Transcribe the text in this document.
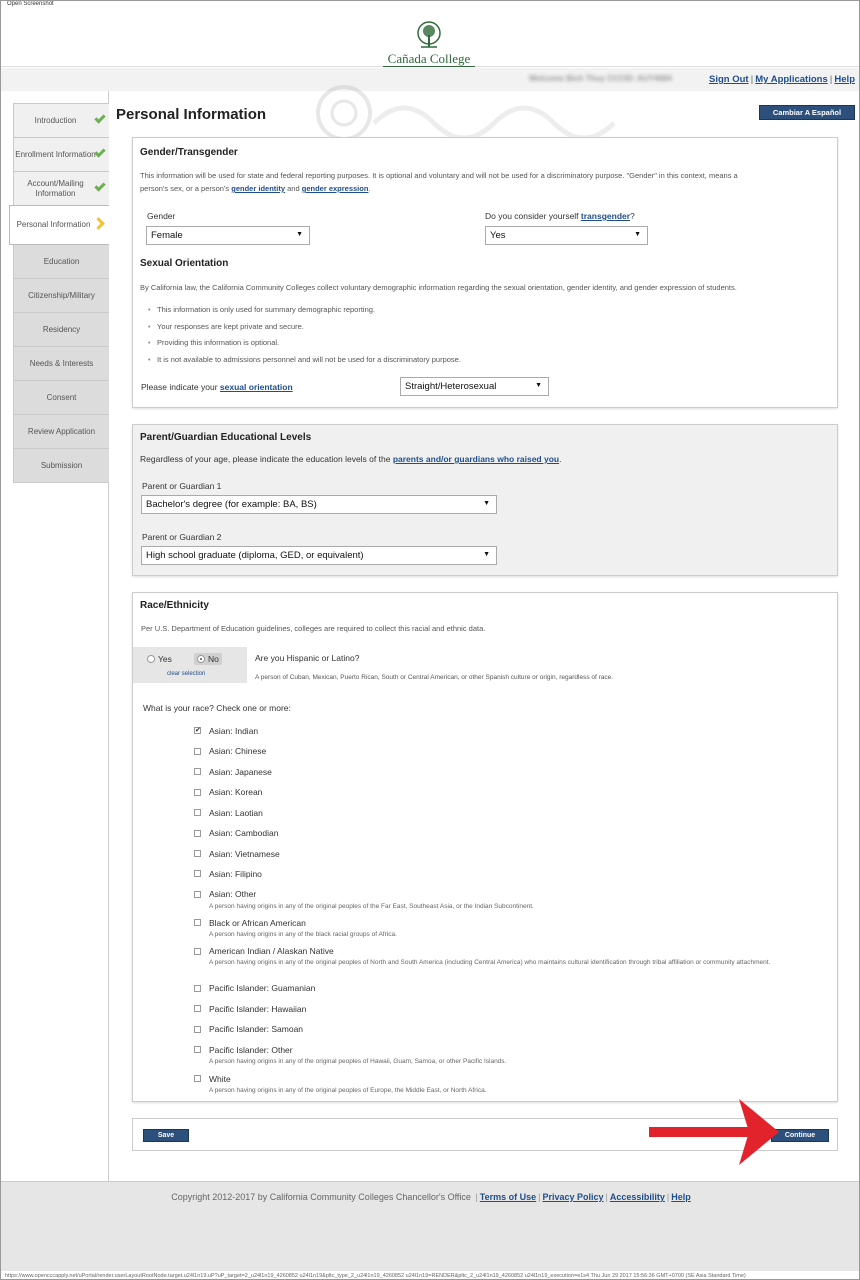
Open Screenshot
Cañada College
Welcome Bich Thuy CCCID: AUY4684	Sign Out | My Applications | Help
Introduction
Enrollment Information
Account/Mailing Information
Personal Information
Education
Citizenship/Military
Residency
Needs & Interests
Consent
Review Application
Submission
Personal Information	Cambiar A Español
Gender/Transgender
This information will be used for state and federal reporting purposes. It is optional and voluntary and will not be used for a discriminatory purpose. "Gender" in this context, means a
person's sex, or a person's gender identity and gender expression.
Gender
Female	▼
Do you consider yourself transgender?
Yes	▼
Sexual Orientation
By California law, the California Community Colleges collect voluntary demographic information regarding the sexual orientation, gender identity, and gender expression of students.
• This information is only used for summary demographic reporting.
• Your responses are kept private and secure.
• Providing this information is optional.
• It is not available to admissions personnel and will not be used for a discriminatory purpose.
Please indicate your sexual orientation	Straight/Heterosexual	▼
Parent/Guardian Educational Levels
Regardless of your age, please indicate the education levels of the parents and/or guardians who raised you.
Parent or Guardian 1
Bachelor's degree (for example: BA, BS)	▼
Parent or Guardian 2
High school graduate (diploma, GED, or equivalent)	▼
Race/Ethnicity
Per U.S. Department of Education guidelines, colleges are required to collect this racial and ethnic data.
Yes	No
clear selection
Are you Hispanic or Latino?
A person of Cuban, Mexican, Puerto Rican, South or Central American, or other Spanish culture or origin, regardless of race.
What is your race? Check one or more:
✔ Asian: Indian
Asian: Chinese
Asian: Japanese
Asian: Korean
Asian: Laotian
Asian: Cambodian
Asian: Vietnamese
Asian: Filipino
Asian: Other
A person having origins in any of the original peoples of the Far East, Southeast Asia, or the Indian Subcontinent.
Black or African American
A person having origins in any of the black racial groups of Africa.
American Indian / Alaskan Native
A person having origins in any of the original peoples of North and South America (including Central America) who maintains cultural identification through tribal affiliation or community attachment.
Pacific Islander: Guamanian
Pacific Islander: Hawaiian
Pacific Islander: Samoan
Pacific Islander: Other
A person having origins in any of the original peoples of Hawaii, Guam, Samoa, or other Pacific Islands.
White
A person having origins in any of the original peoples of Europe, the Middle East, or North Africa.
Save	Continue
Copyright 2012-2017 by California Community Colleges Chancellor's Office | Terms of Use | Privacy Policy | Accessibility | Help
https://www.opencccapply.net/uPortal/render.userLayoutRootNode.target.u24l1n19.uP?uP_target=2_u24l1n19_4260852 u24l1n19&pltc_type_2_u24l1n19_4260852 u24l1n19=RENDER&pltc_2_u24l1n19_4260852 u24l1n19_execution=e1s4 Thu Jun 29 2017 15:56:36 GMT+0700 (SE Asia Standard Time)
